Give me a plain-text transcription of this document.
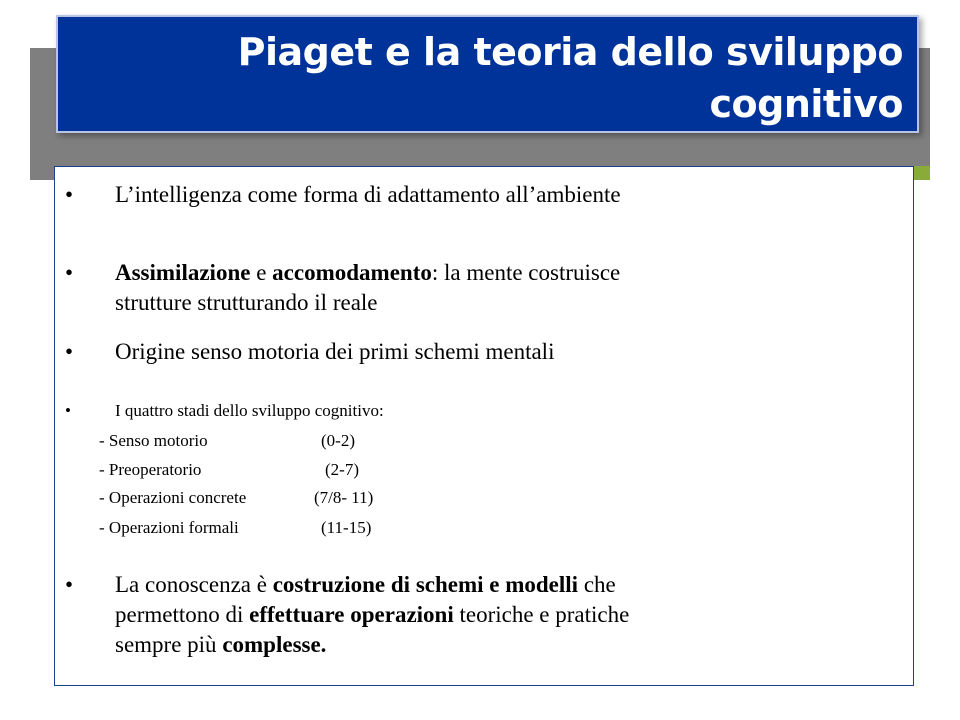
Piaget e la teoria dello sviluppo
cognitivo
• L’intelligenza come forma di adattamento all’ambiente
• Assimilazione e accomodamento: la mente costruisce
strutture strutturando il reale
• Origine senso motoria dei primi schemi mentali
•	I quattro stadi dello sviluppo cognitivo:
- Senso motorio	(0-2)
- Preoperatorio	(2-7)
- Operazioni concrete	(7/8- 11)
- Operazioni formali	(11-15)
• La conoscenza è costruzione di schemi e modelli che
permettono di effettuare operazioni teoriche e pratiche
sempre più complesse.
